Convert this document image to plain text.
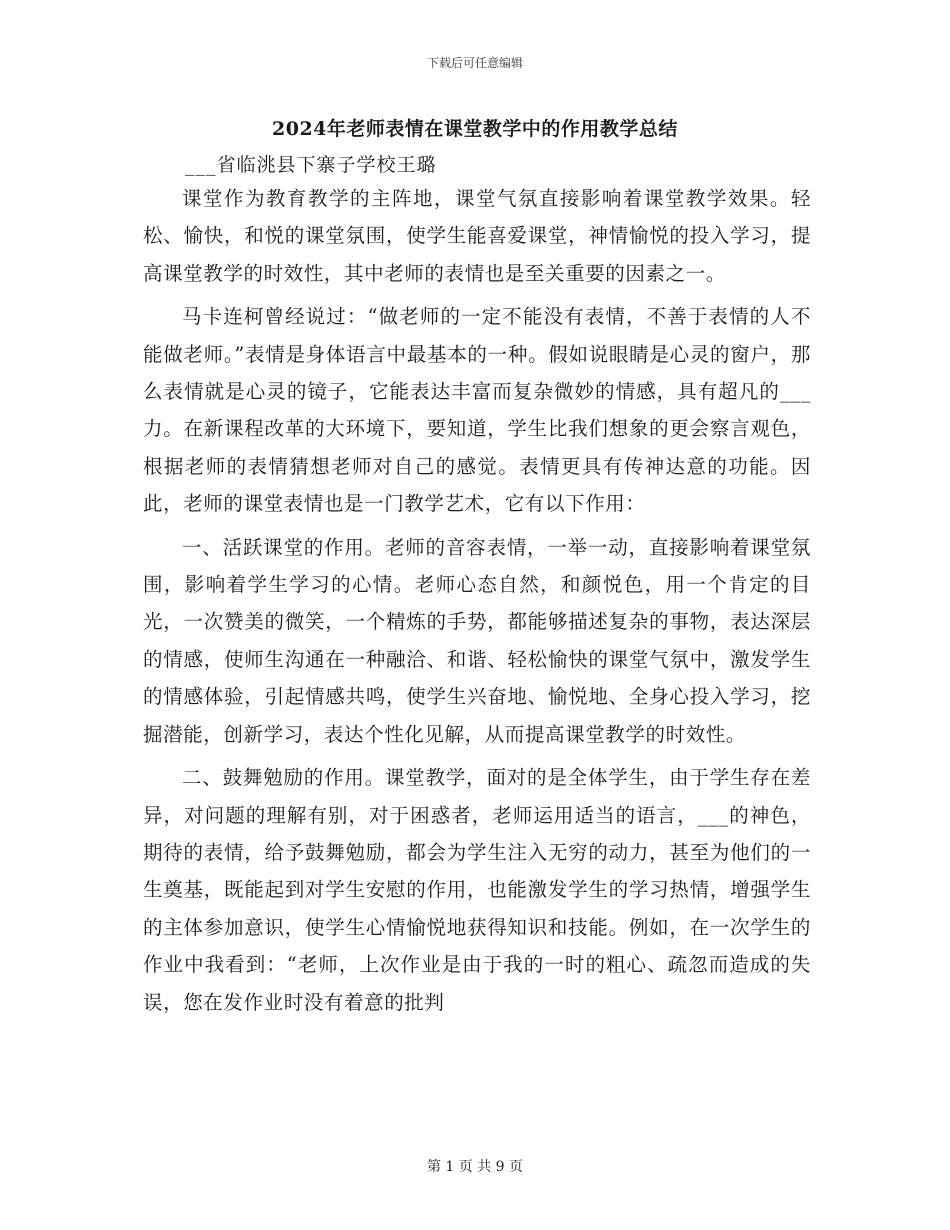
下载后可任意编辑
2024年老师表情在课堂教学中的作用教学总结
___省临洮县下寨子学校王璐

课堂作为教育教学的主阵地，课堂气氛直接影响着课堂教学效果。轻松、愉快，和悦的课堂氛围，使学生能喜爱课堂，神情愉悦的投入学习，提高课堂教学的时效性，其中老师的表情也是至关重要的因素之一。

马卡连柯曾经说过：“做老师的一定不能没有表情，不善于表情的人不能做老师。”表情是身体语言中最基本的一种。假如说眼睛是心灵的窗户，那么表情就是心灵的镜子，它能表达丰富而复杂微妙的情感，具有超凡的___力。在新课程改革的大环境下，要知道，学生比我们想象的更会察言观色，根据老师的表情猜想老师对自己的感觉。表情更具有传神达意的功能。因此，老师的课堂表情也是一门教学艺术，它有以下作用：

一、活跃课堂的作用。老师的音容表情，一举一动，直接影响着课堂氛围，影响着学生学习的心情。老师心态自然，和颜悦色，用一个肯定的目光，一次赞美的微笑，一个精炼的手势，都能够描述复杂的事物，表达深层的情感，使师生沟通在一种融洽、和谐、轻松愉快的课堂气氛中，激发学生的情感体验，引起情感共鸣，使学生兴奋地、愉悦地、全身心投入学习，挖掘潜能，创新学习，表达个性化见解，从而提高课堂教学的时效性。

二、鼓舞勉励的作用。课堂教学，面对的是全体学生，由于学生存在差异，对问题的理解有别，对于困惑者，老师运用适当的语言，___的神色，期待的表情，给予鼓舞勉励，都会为学生注入无穷的动力，甚至为他们的一生奠基，既能起到对学生安慰的作用，也能激发学生的学习热情，增强学生的主体参加意识，使学生心情愉悦地获得知识和技能。例如，在一次学生的作业中我看到：“老师，上次作业是由于我的一时的粗心、疏忽而造成的失误，您在发作业时没有着意的批判

第 1 页 共 9 页
